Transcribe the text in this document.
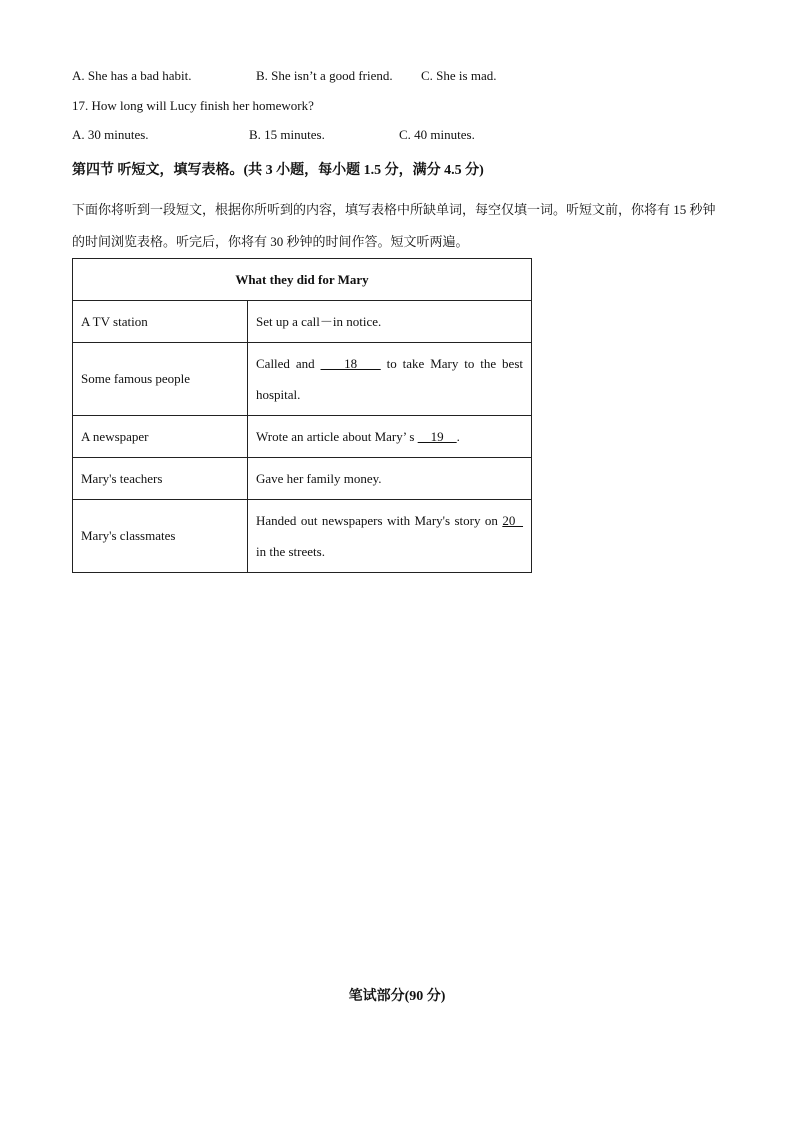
A. She has a bad habit.	B. She isn’t a good friend. C. She is mad.
17. How long will Lucy finish her homework?
A. 30 minutes.	B. 15 minutes.	C. 40 minutes.
第四节 听短文，填写表格。(共 3 小题，每小题 1.5 分，满分 4.5 分)
下面你将听到一段短文，根据你所听到的内容，填写表格中所缺单词，每空仅填一词。听短文前，你将有 15 秒钟的时间浏览表格。听完后，你将有 30 秒钟的时间作答。短文听两遍。
What they did for Mary	
A TV station	Set up a call－in notice.
Some famous people	Called and     18     to take Mary to the best hospital.
A newspaper	Wrote an article about Mary’ s     19    .
Mary's teachers	Gave her family money.
Mary's classmates	Handed out newspapers with Mary's story on 20   in the streets.
笔试部分(90 分)
